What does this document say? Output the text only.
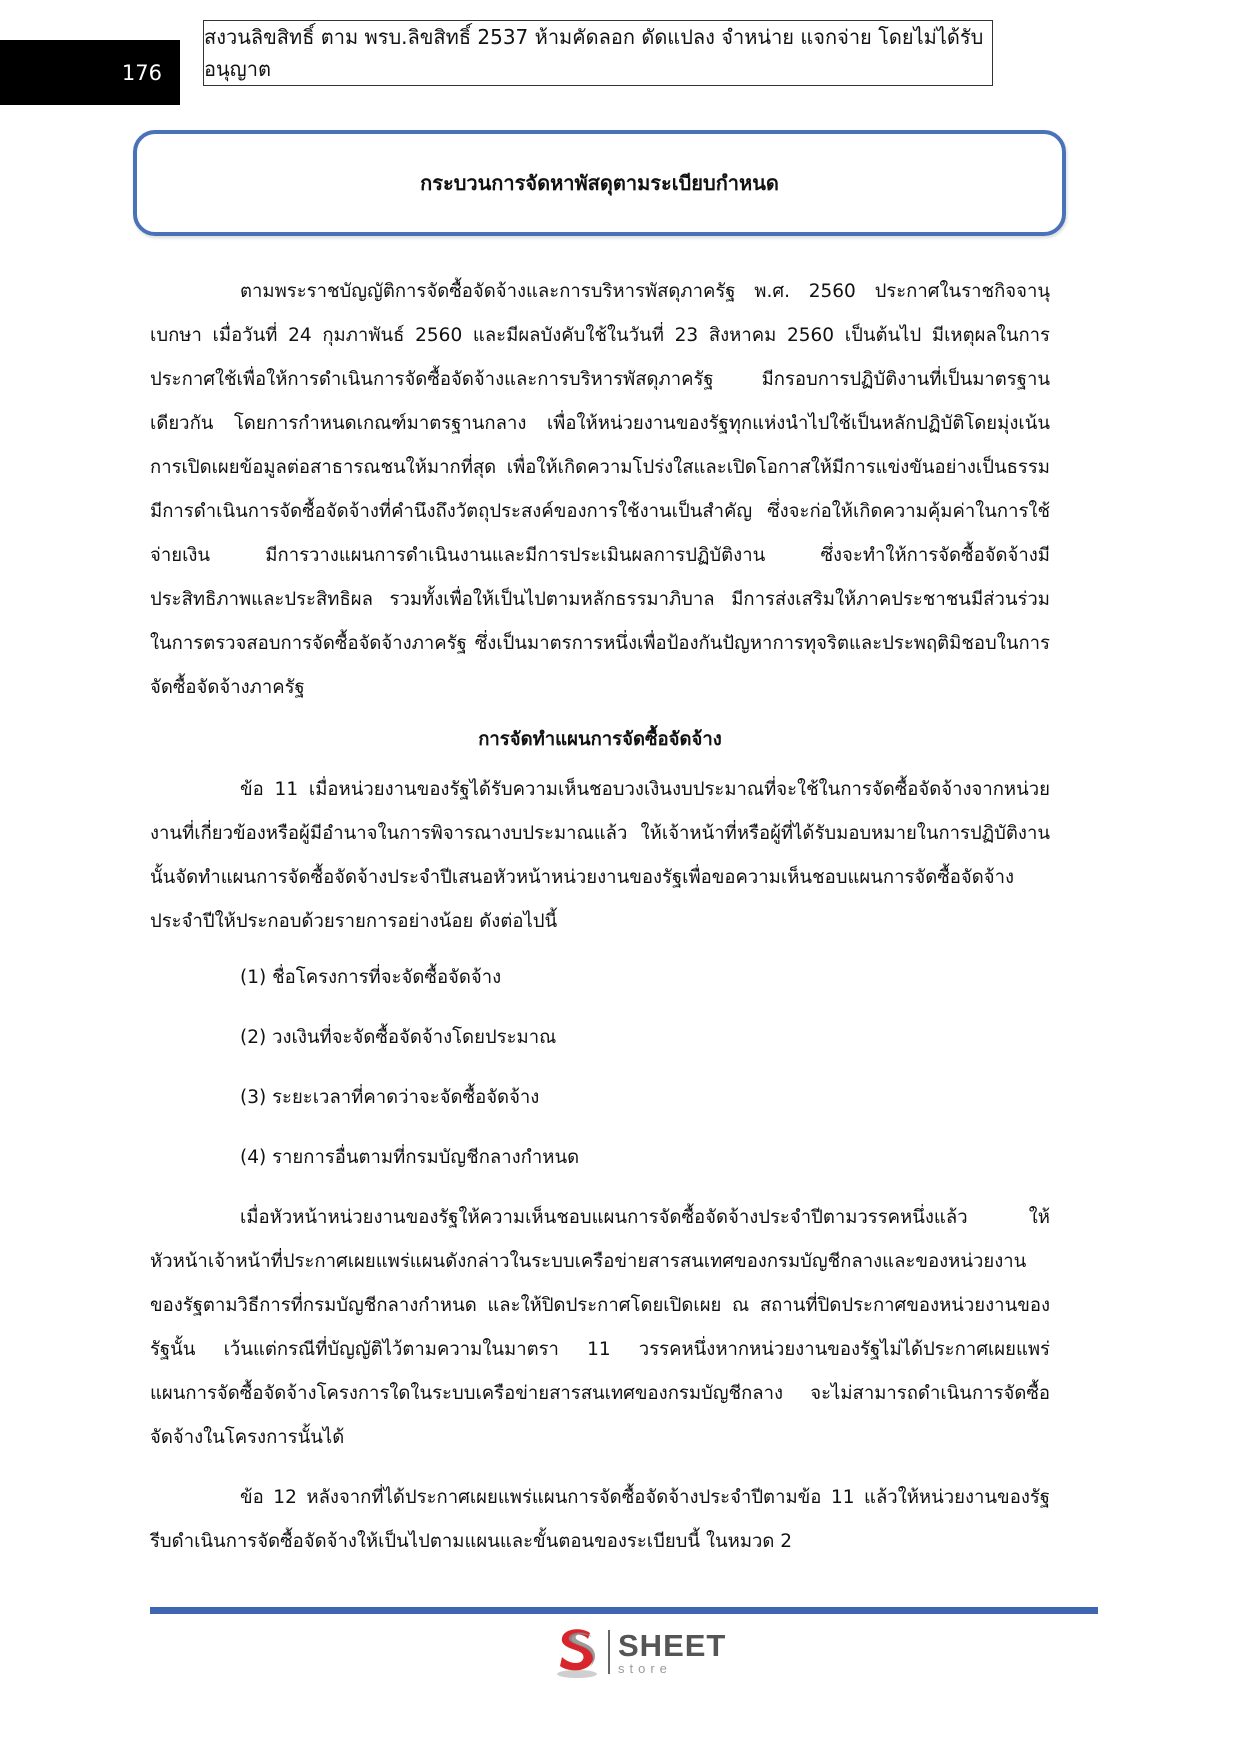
176
สงวนลิขสิทธิ์ ตาม พรบ.ลิขสิทธิ์ 2537 ห้ามคัดลอก ดัดแปลง จำหน่าย แจกจ่าย โดยไม่ได้รับอนุญาต
กระบวนการจัดหาพัสดุตามระเบียบกำหนด

ตามพระราชบัญญัติการจัดซื้อจัดจ้างและการบริหารพัสดุภาครัฐ พ.ศ. 2560 ประกาศในราชกิจจานุเบกษา เมื่อวันที่ 24 กุมภาพันธ์ 2560 และมีผลบังคับใช้ในวันที่ 23 สิงหาคม 2560 เป็นต้นไป มีเหตุผลในการประกาศใช้เพื่อให้การดำเนินการจัดซื้อจัดจ้างและการบริหารพัสดุภาครัฐ มีกรอบการปฏิบัติงานที่เป็นมาตรฐานเดียวกัน โดยการกำหนดเกณฑ์มาตรฐานกลาง เพื่อให้หน่วยงานของรัฐทุกแห่งนำไปใช้เป็นหลักปฏิบัติโดยมุ่งเน้นการเปิดเผยข้อมูลต่อสาธารณชนให้มากที่สุด เพื่อให้เกิดความโปร่งใสและเปิดโอกาสให้มีการแข่งขันอย่างเป็นธรรม มีการดำเนินการจัดซื้อจัดจ้างที่คำนึงถึงวัตถุประสงค์ของการใช้งานเป็นสำคัญ ซึ่งจะก่อให้เกิดความคุ้มค่าในการใช้จ่ายเงิน มีการวางแผนการดำเนินงานและมีการประเมินผลการปฏิบัติงาน ซึ่งจะทำให้การจัดซื้อจัดจ้างมีประสิทธิภาพและประสิทธิผล รวมทั้งเพื่อให้เป็นไปตามหลักธรรมาภิบาล มีการส่งเสริมให้ภาคประชาชนมีส่วนร่วมในการตรวจสอบการจัดซื้อจัดจ้างภาครัฐ ซึ่งเป็นมาตรการหนึ่งเพื่อป้องกันปัญหาการทุจริตและประพฤติมิชอบในการจัดซื้อจัดจ้างภาครัฐ

การจัดทำแผนการจัดซื้อจัดจ้าง

ข้อ 11 เมื่อหน่วยงานของรัฐได้รับความเห็นชอบวงเงินงบประมาณที่จะใช้ในการจัดซื้อจัดจ้างจากหน่วยงานที่เกี่ยวข้องหรือผู้มีอำนาจในการพิจารณางบประมาณแล้ว ให้เจ้าหน้าที่หรือผู้ที่ได้รับมอบหมายในการปฏิบัติงานนั้นจัดทำแผนการจัดซื้อจัดจ้างประจำปีเสนอหัวหน้าหน่วยงานของรัฐเพื่อขอความเห็นชอบแผนการจัดซื้อจัดจ้างประจำปีให้ประกอบด้วยรายการอย่างน้อย ดังต่อไปนี้

(1) ชื่อโครงการที่จะจัดซื้อจัดจ้าง

(2) วงเงินที่จะจัดซื้อจัดจ้างโดยประมาณ

(3) ระยะเวลาที่คาดว่าจะจัดซื้อจัดจ้าง

(4) รายการอื่นตามที่กรมบัญชีกลางกำหนด

เมื่อหัวหน้าหน่วยงานของรัฐให้ความเห็นชอบแผนการจัดซื้อจัดจ้างประจำปีตามวรรคหนึ่งแล้ว ให้หัวหน้าเจ้าหน้าที่ประกาศเผยแพร่แผนดังกล่าวในระบบเครือข่ายสารสนเทศของกรมบัญชีกลางและของหน่วยงานของรัฐตามวิธีการที่กรมบัญชีกลางกำหนด และให้ปิดประกาศโดยเปิดเผย ณ สถานที่ปิดประกาศของหน่วยงานของรัฐนั้น เว้นแต่กรณีที่บัญญัติไว้ตามความในมาตรา 11 วรรคหนึ่งหากหน่วยงานของรัฐไม่ได้ประกาศเผยแพร่แผนการจัดซื้อจัดจ้างโครงการใดในระบบเครือข่ายสารสนเทศของกรมบัญชีกลาง จะไม่สามารถดำเนินการจัดซื้อจัดจ้างในโครงการนั้นได้

ข้อ 12 หลังจากที่ได้ประกาศเผยแพร่แผนการจัดซื้อจัดจ้างประจำปีตามข้อ 11 แล้วให้หน่วยงานของรัฐรีบดำเนินการจัดซื้อจัดจ้างให้เป็นไปตามแผนและขั้นตอนของระเบียบนี้ ในหมวด 2

SHEET
store
